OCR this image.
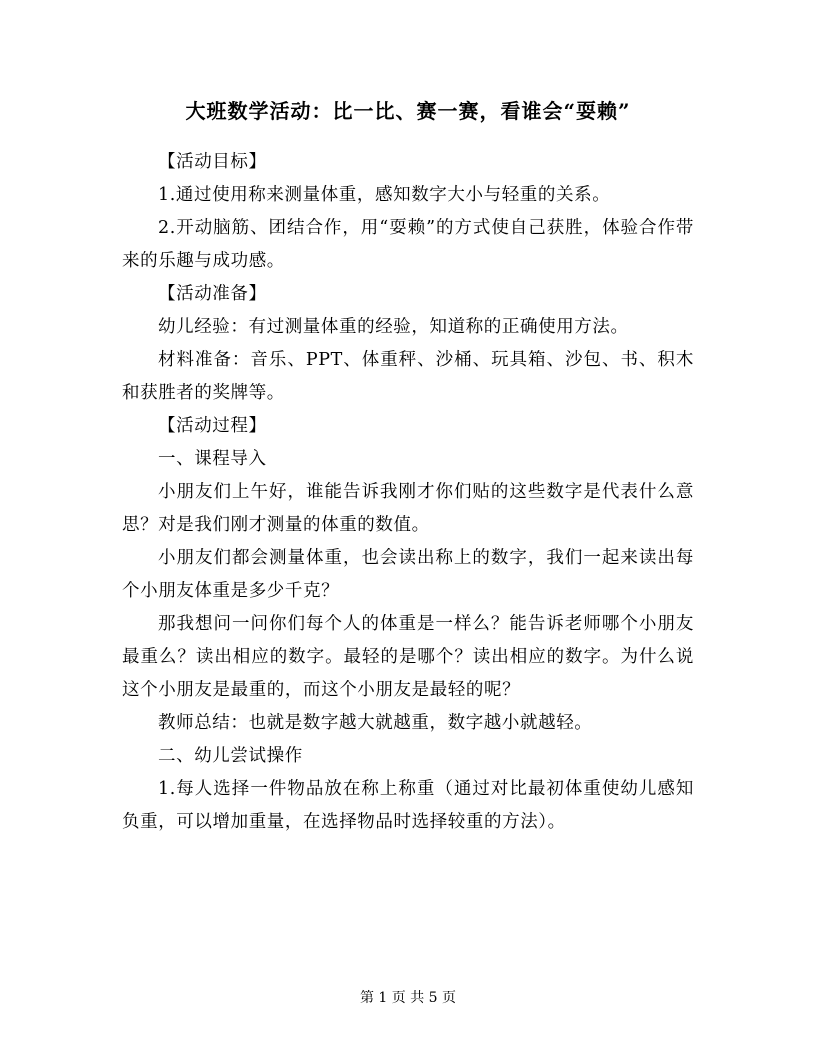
大班数学活动：比一比、赛一赛，看谁会“耍赖”

【活动目标】

1.通过使用称来测量体重，感知数字大小与轻重的关系。

2.开动脑筋、团结合作，用“耍赖”的方式使自己获胜，体验合作带来的乐趣与成功感。

【活动准备】

幼儿经验：有过测量体重的经验，知道称的正确使用方法。

材料准备：音乐、PPT、体重秤、沙桶、玩具箱、沙包、书、积木和获胜者的奖牌等。

【活动过程】

一、课程导入

小朋友们上午好，谁能告诉我刚才你们贴的这些数字是代表什么意思？对是我们刚才测量的体重的数值。

小朋友们都会测量体重，也会读出称上的数字，我们一起来读出每个小朋友体重是多少千克？

那我想问一问你们每个人的体重是一样么？能告诉老师哪个小朋友最重么？读出相应的数字。最轻的是哪个？读出相应的数字。为什么说这个小朋友是最重的，而这个小朋友是最轻的呢？

教师总结：也就是数字越大就越重，数字越小就越轻。

二、幼儿尝试操作

1.每人选择一件物品放在称上称重（通过对比最初体重使幼儿感知负重，可以增加重量，在选择物品时选择较重的方法）。

第 1 页 共 5 页
